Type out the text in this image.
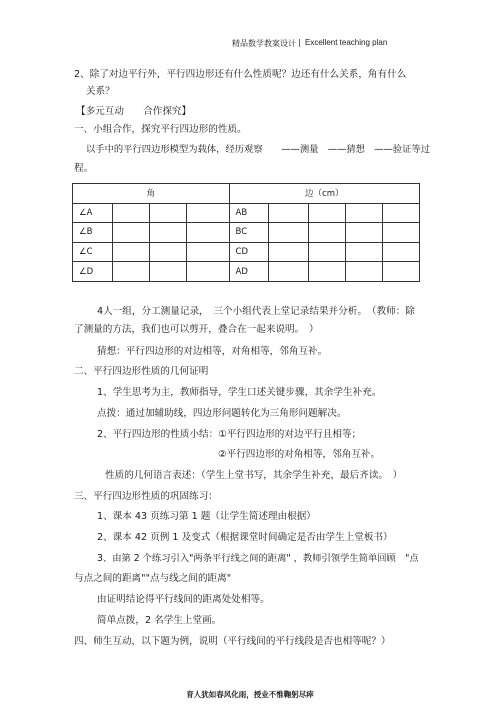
精品数学教案设计 | Excellent teaching plan
2、除了对边平行外，平行四边形还有什么性质呢？边还有什么关系，角有什么
关系？
【多元互动　　合作探究】
一、小组合作，探究平行四边形的性质。
以手中的平行四边形模型为载体，经历观察　　——测量　——猜想　——验证等过
程。
角				边（cm）				
∠A				AB				
∠B				BC				
∠C				CD				
∠D				AD				
4人一组，分工测量记录，　三个小组代表上堂记录结果并分析。　（教师：除
了测量的方法，我们也可以剪开，叠合在一起来说明。　）
猜想：平行四边形的对边相等，对角相等，邻角互补。
二、平行四边形性质的几何证明
1、学生思考为主，教师指导，学生口述关键步骤，其余学生补充。
点拨：通过加辅助线，四边形问题转化为三角形问题解决。
2、平行四边形的性质小结：①平行四边形的对边平行且相等；
②平行四边形的对角相等，邻角互补。
性质的几何语言表述：（学生上堂书写，其余学生补充，最后齐读。　）
三、平行四边形性质的巩固练习：
1、课本 43 页练习第 1 题（让学生简述理由根据）
2、课本 42 页例 1 及变式（根据课堂时间确定是否由学生上堂板书）
3、由第 2 个练习引入"两条平行线之间的距离" ，教师引领学生简单回顾　"点
与点之间的距离""点与线之间的距离"
由证明结论得平行线间的距离处处相等。
简单点拨，2 名学生上堂画。
四、师生互动，以下题为例，说明（平行线间的平行线段是否也相等呢？）
育人犹如春风化雨，授业不惟鞠躬尽瘁
